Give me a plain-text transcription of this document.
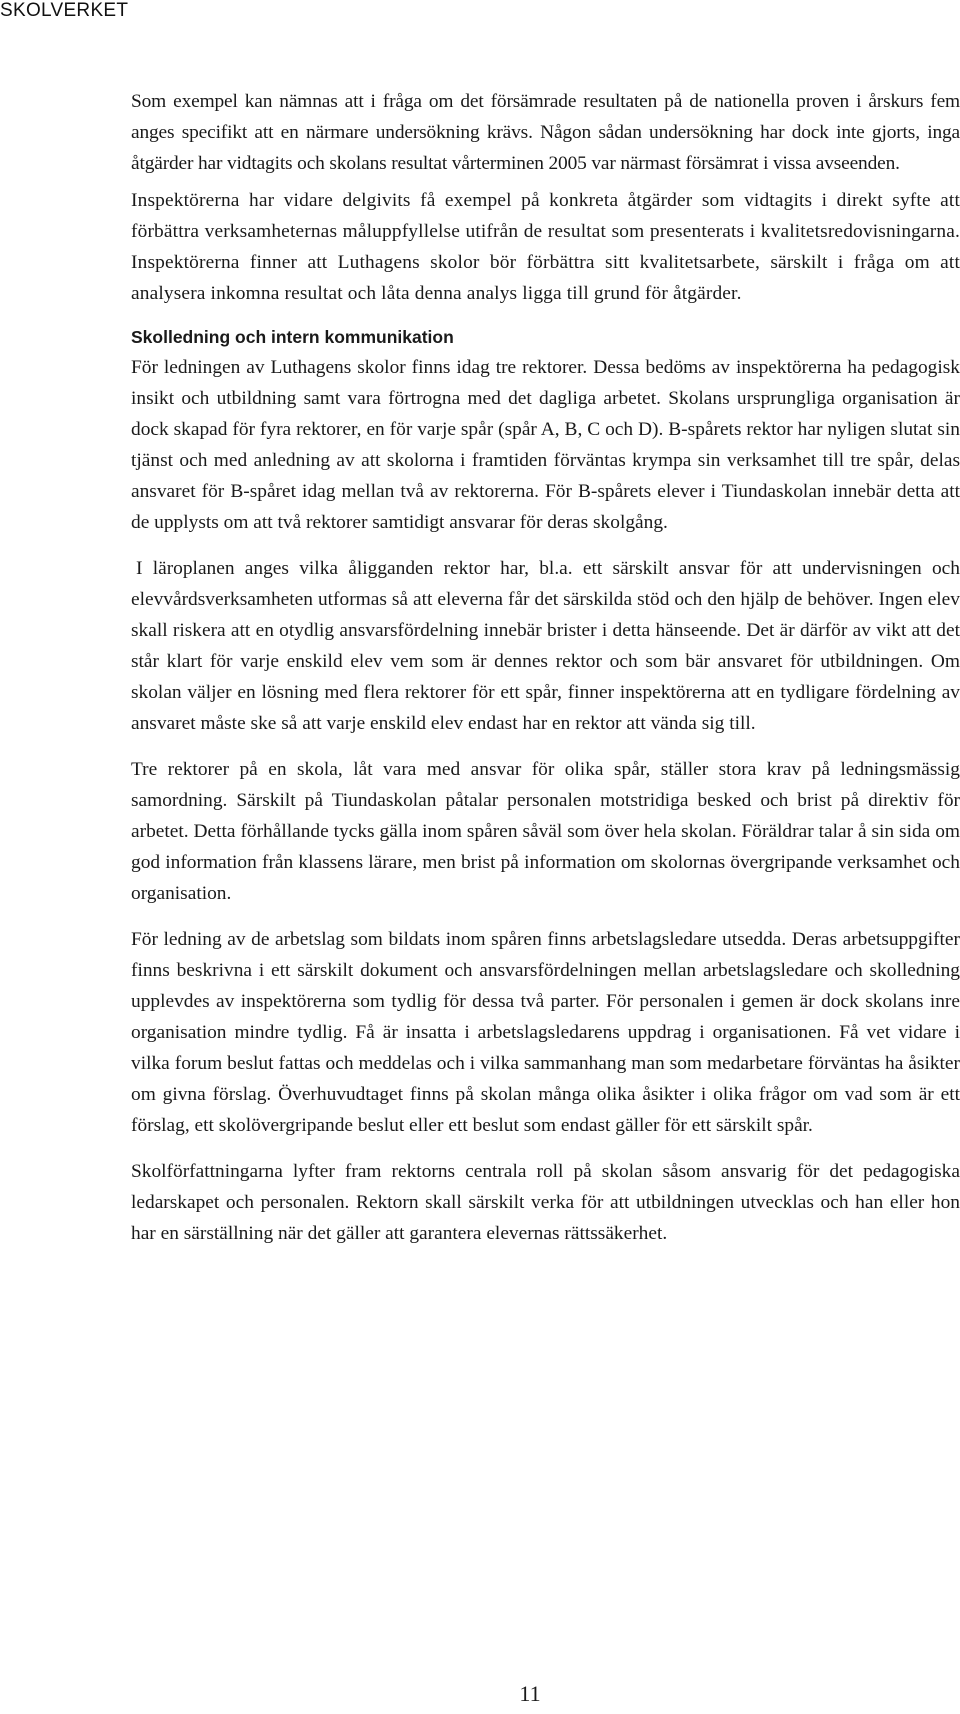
SKOLVERKET

Som exempel kan nämnas att i fråga om det försämrade resultaten på de nationella proven i årskurs fem anges specifikt att en närmare undersökning krävs. Någon sådan undersökning har dock inte gjorts, inga åtgärder har vidtagits och skolans resultat vårterminen 2005 var närmast försämrat i vissa avseenden.

Inspektörerna har vidare delgivits få exempel på konkreta åtgärder som vidtagits i direkt syfte att förbättra verksamheternas måluppfyllelse utifrån de resultat som presenterats i kvalitetsredovisningarna. Inspektörerna finner att Luthagens skolor bör förbättra sitt kvalitetsarbete, särskilt i fråga om att analysera inkomna resultat och låta denna analys ligga till grund för åtgärder.

Skolledning och intern kommunikation

För ledningen av Luthagens skolor finns idag tre rektorer. Dessa bedöms av inspektörerna ha pedagogisk insikt och utbildning samt vara förtrogna med det dagliga arbetet. Skolans ursprungliga organisation är dock skapad för fyra rektorer, en för varje spår (spår A, B, C och D). B-spårets rektor har nyligen slutat sin tjänst och med anledning av att skolorna i framtiden förväntas krympa sin verksamhet till tre spår, delas ansvaret för B-spåret idag mellan två av rektorerna. För B-spårets elever i Tiundaskolan innebär detta att de upplysts om att två rektorer samtidigt ansvarar för deras skolgång.

I läroplanen anges vilka åligganden rektor har, bl.a. ett särskilt ansvar för att undervisningen och elevvårdsverksamheten utformas så att eleverna får det särskilda stöd och den hjälp de behöver. Ingen elev skall riskera att en otydlig ansvarsfördelning innebär brister i detta hänseende. Det är därför av vikt att det står klart för varje enskild elev vem som är dennes rektor och som bär ansvaret för utbildningen. Om skolan väljer en lösning med flera rektorer för ett spår, finner inspektörerna att en tydligare fördelning av ansvaret måste ske så att varje enskild elev endast har en rektor att vända sig till.

Tre rektorer på en skola, låt vara med ansvar för olika spår, ställer stora krav på ledningsmässig samordning. Särskilt på Tiundaskolan påtalar personalen motstridiga besked och brist på direktiv för arbetet. Detta förhållande tycks gälla inom spåren såväl som över hela skolan. Föräldrar talar å sin sida om god information från klassens lärare, men brist på information om skolornas övergripande verksamhet och organisation.

För ledning av de arbetslag som bildats inom spåren finns arbetslagsledare utsedda. Deras arbetsuppgifter finns beskrivna i ett särskilt dokument och ansvarsfördelningen mellan arbetslagsledare och skolledning upplevdes av inspektörerna som tydlig för dessa två parter. För personalen i gemen är dock skolans inre organisation mindre tydlig. Få är insatta i arbetslagsledarens uppdrag i organisationen. Få vet vidare i vilka forum beslut fattas och meddelas och i vilka sammanhang man som medarbetare förväntas ha åsikter om givna förslag. Överhuvudtaget finns på skolan många olika åsikter i olika frågor om vad som är ett förslag, ett skolövergripande beslut eller ett beslut som endast gäller för ett särskilt spår.

Skolförfattningarna lyfter fram rektorns centrala roll på skolan såsom ansvarig för det pedagogiska ledarskapet och personalen. Rektorn skall särskilt verka för att utbildningen utvecklas och han eller hon har en särställning när det gäller att garantera elevernas rättssäkerhet.

11
